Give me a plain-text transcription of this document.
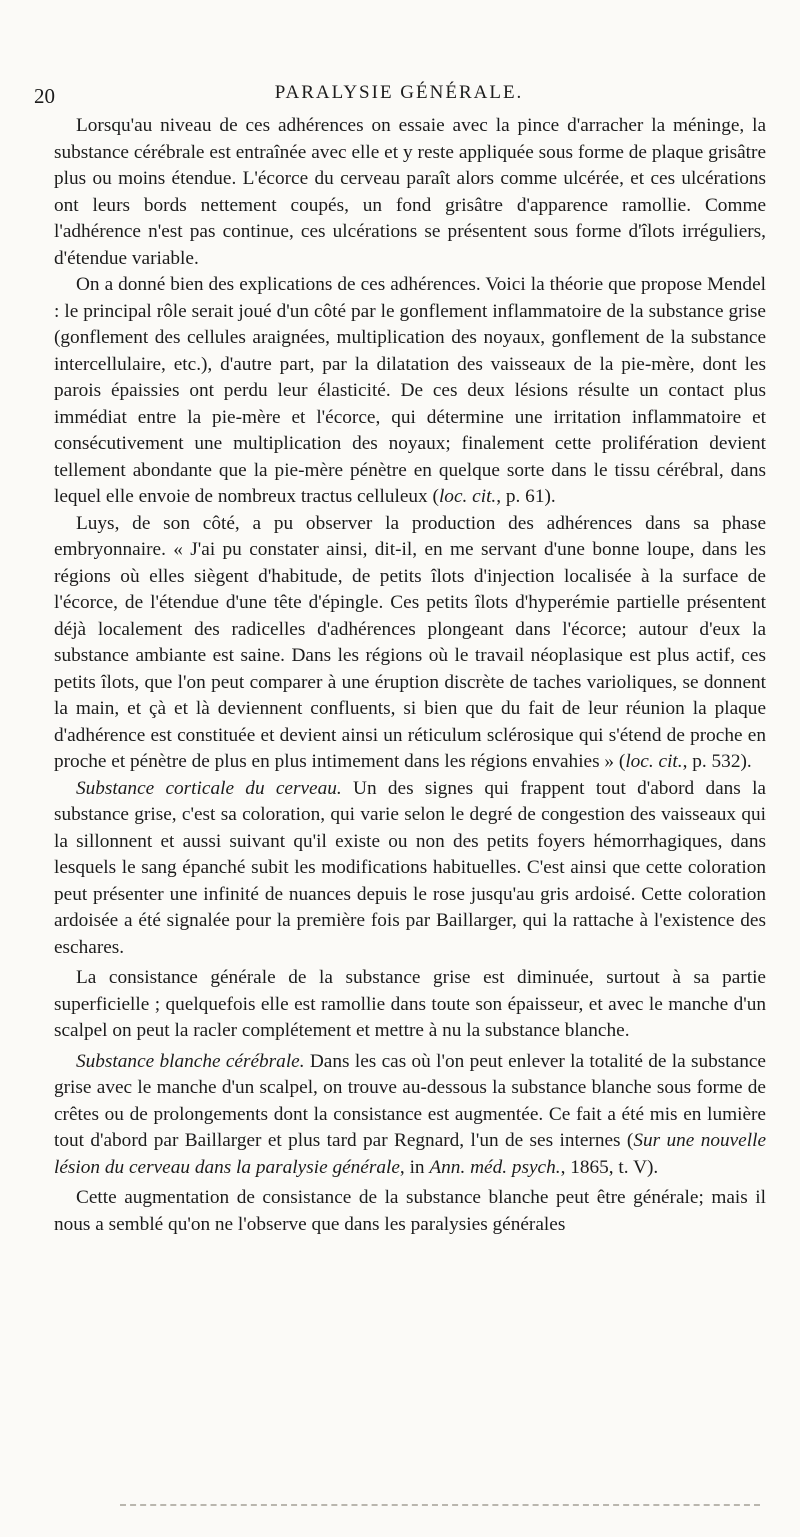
20	PARALYSIE GÉNÉRALE.

Lorsqu'au niveau de ces adhérences on essaie avec la pince d'arracher la méninge, la substance cérébrale est entraînée avec elle et y reste appliquée sous forme de plaque grisâtre plus ou moins étendue. L'écorce du cerveau paraît alors comme ulcérée, et ces ulcérations ont leurs bords nettement coupés, un fond grisâtre d'apparence ramollie. Comme l'adhérence n'est pas continue, ces ulcérations se présentent sous forme d'îlots irréguliers, d'étendue variable.

On a donné bien des explications de ces adhérences. Voici la théorie que propose Mendel : le principal rôle serait joué d'un côté par le gonflement inflammatoire de la substance grise (gonflement des cellules araignées, multiplication des noyaux, gonflement de la substance intercellulaire, etc.), d'autre part, par la dilatation des vaisseaux de la pie-mère, dont les parois épaissies ont perdu leur élasticité. De ces deux lésions résulte un contact plus immédiat entre la pie-mère et l'écorce, qui détermine une irritation inflammatoire et consécutivement une multiplication des noyaux; finalement cette prolifération devient tellement abondante que la pie-mère pénètre en quelque sorte dans le tissu cérébral, dans lequel elle envoie de nombreux tractus celluleux (loc. cit., p. 61).

Luys, de son côté, a pu observer la production des adhérences dans sa phase embryonnaire. « J'ai pu constater ainsi, dit-il, en me servant d'une bonne loupe, dans les régions où elles siègent d'habitude, de petits îlots d'injection localisée à la surface de l'écorce, de l'étendue d'une tête d'épingle. Ces petits îlots d'hyperémie partielle présentent déjà localement des radicelles d'adhérences plongeant dans l'écorce; autour d'eux la substance ambiante est saine. Dans les régions où le travail néoplasique est plus actif, ces petits îlots, que l'on peut comparer à une éruption discrète de taches varioliques, se donnent la main, et çà et là deviennent confluents, si bien que du fait de leur réunion la plaque d'adhérence est constituée et devient ainsi un réticulum sclérosique qui s'étend de proche en proche et pénètre de plus en plus intimement dans les régions envahies » (loc. cit., p. 532).

Substance corticale du cerveau. Un des signes qui frappent tout d'abord dans la substance grise, c'est sa coloration, qui varie selon le degré de congestion des vaisseaux qui la sillonnent et aussi suivant qu'il existe ou non des petits foyers hémorrhagiques, dans lesquels le sang épanché subit les modifications habituelles. C'est ainsi que cette coloration peut présenter une infinité de nuances depuis le rose jusqu'au gris ardoisé. Cette coloration ardoisée a été signalée pour la première fois par Baillarger, qui la rattache à l'existence des eschares.

La consistance générale de la substance grise est diminuée, surtout à sa partie superficielle ; quelquefois elle est ramollie dans toute son épaisseur, et avec le manche d'un scalpel on peut la racler complétement et mettre à nu la substance blanche.

Substance blanche cérébrale. Dans les cas où l'on peut enlever la totalité de la substance grise avec le manche d'un scalpel, on trouve au-dessous la substance blanche sous forme de crêtes ou de prolongements dont la consistance est augmentée. Ce fait a été mis en lumière tout d'abord par Baillarger et plus tard par Regnard, l'un de ses internes (Sur une nouvelle lésion du cerveau dans la paralysie générale, in Ann. méd. psych., 1865, t. V).

Cette augmentation de consistance de la substance blanche peut être générale; mais il nous a semblé qu'on ne l'observe que dans les paralysies générales
